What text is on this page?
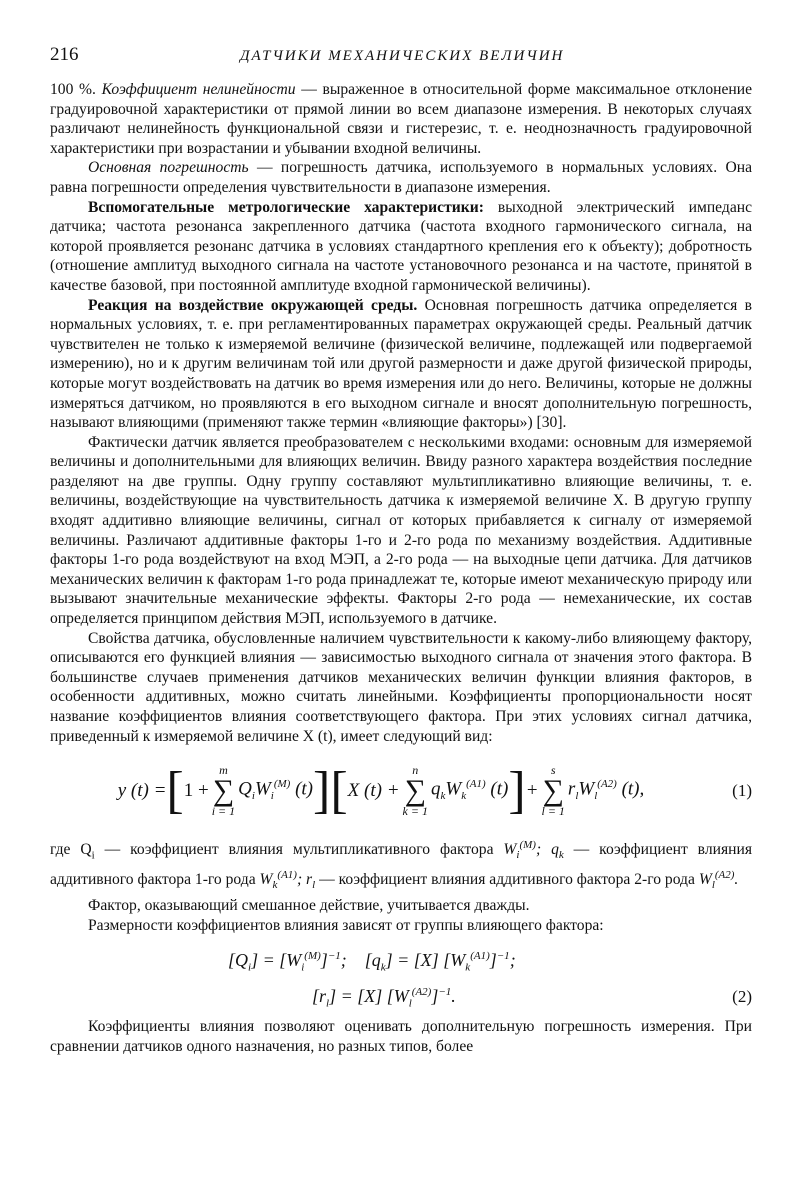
216	ДАТЧИКИ МЕХАНИЧЕСКИХ ВЕЛИЧИН

100 %. Коэффициент нелинейности — выраженное в относительной форме максимальное отклонение градуировочной характеристики от прямой линии во всем диапазоне измерения. В некоторых случаях различают нелинейность функциональной связи и гистерезис, т. е. неоднозначность градуировочной характеристики при возрастании и убывании входной величины.

Основная погрешность — погрешность датчика, используемого в нормальных условиях. Она равна погрешности определения чувствительности в диапазоне измерения.

Вспомогательные метрологические характеристики: выходной электрический импеданс датчика; частота резонанса закрепленного датчика (частота входного гармонического сигнала, на которой проявляется резонанс датчика в условиях стандартного крепления его к объекту); добротность (отношение амплитуд выходного сигнала на частоте установочного резонанса и на частоте, принятой в качестве базовой, при постоянной амплитуде входной гармонической величины).

Реакция на воздействие окружающей среды. Основная погрешность датчика определяется в нормальных условиях, т. е. при регламентированных параметрах окружающей среды. Реальный датчик чувствителен не только к измеряемой величине (физической величине, подлежащей или подвергаемой измерению), но и к другим величинам той или другой размерности и даже другой физической природы, которые могут воздействовать на датчик во время измерения или до него. Величины, которые не должны измеряться датчиком, но проявляются в его выходном сигнале и вносят дополнительную погрешность, называют влияющими (применяют также термин «влияющие факторы») [30].

Фактически датчик является преобразователем с несколькими входами: основным для измеряемой величины и дополнительными для влияющих величин. Ввиду разного характера воздействия последние разделяют на две группы. Одну группу составляют мультипликативно влияющие величины, т. е. величины, воздействующие на чувствительность датчика к измеряемой величине X. В другую группу входят аддитивно влияющие величины, сигнал от которых прибавляется к сигналу от измеряемой величины. Различают аддитивные факторы 1-го и 2-го рода по механизму воздействия. Аддитивные факторы 1-го рода воздействуют на вход МЭП, а 2-го рода — на выходные цепи датчика. Для датчиков механических величин к факторам 1-го рода принадлежат те, которые имеют механическую природу или вызывают значительные механические эффекты. Факторы 2-го рода — немеханические, их состав определяется принципом действия МЭП, используемого в датчике.

Свойства датчика, обусловленные наличием чувствительности к какому-либо влияющему фактору, описываются его функцией влияния — зависимостью выходного сигнала от значения этого фактора. В большинстве случаев применения датчиков механических величин функции влияния факторов, в особенности аддитивных, можно считать линейными. Коэффициенты пропорциональности носят название коэффициентов влияния соответствующего фактора. При этих условиях сигнал датчика, приведенный к измеряемой величине X (t), имеет следующий вид:

y (t) = [ 1 +
m
∑
i = 1
$Q_iW_i^{(M)}$ (t) ] [ X (t) +
n
∑
k = 1
$q_kW_k^{(A1)}$ (t) ] +
s
∑
l = 1
$r_lW_l^{(A2)}$ (t),	(1)

где $Q_i$ — коэффициент влияния мультипликативного фактора $W_i^{(M)}$; $q_k$ — коэффициент влияния аддитивного фактора 1-го рода $W_k^{(A1)}$; $r_l$ — коэффициент влияния аддитивного фактора 2-го рода $W_l^{(A2)}$.

Фактор, оказывающий смешанное действие, учитывается дважды.

Размерности коэффициентов влияния зависят от группы влияющего фактора:

$[Q_i] = [W_i^{(M)}]^{-1}$;    $[q_k] = [X]$ $[W_k^{(A1)}]^{-1}$;
$[r_l] = [X]$ $[W_l^{(A2)}]^{-1}$.	(2)

Коэффициенты влияния позволяют оценивать дополнительную погрешность измерения. При сравнении датчиков одного назначения, но разных типов, более
